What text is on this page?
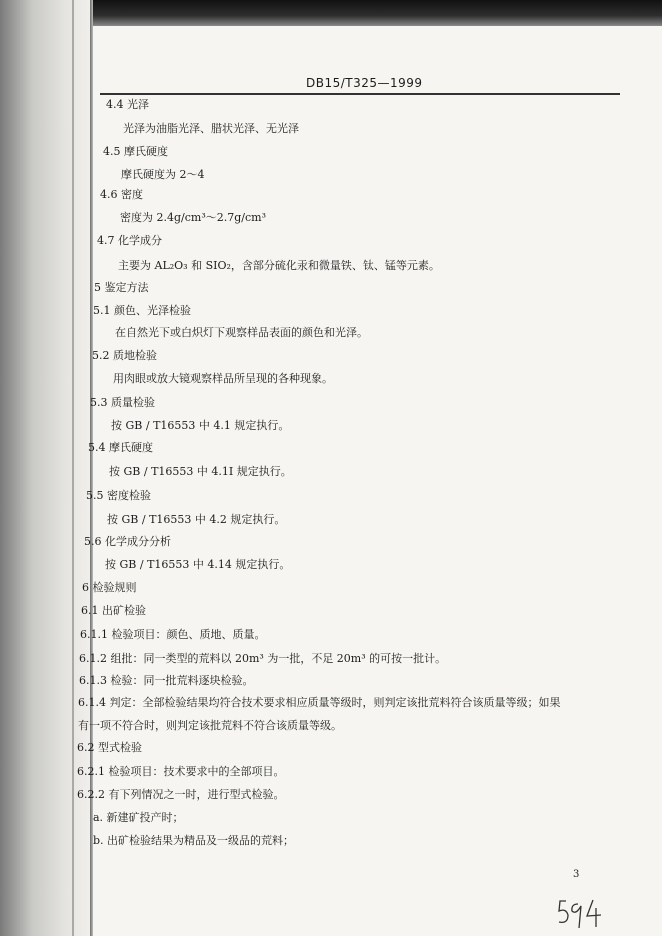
DB15/T325—1999
4.4 光泽
光泽为油脂光泽、腊状光泽、无光泽
4.5 摩氏硬度
摩氏硬度为 2～4
4.6 密度
密度为 2.4g/cm³～2.7g/cm³
4.7 化学成分
主要为 AL₂O₃ 和 SIO₂，含部分硫化汞和微量铁、钛、锰等元素。
5 鉴定方法
5.1 颜色、光泽检验
在自然光下或白炽灯下观察样品表面的颜色和光泽。
5.2 质地检验
用肉眼或放大镜观察样品所呈现的各种现象。
5.3 质量检验
按 GB / T16553 中 4.1 规定执行。
5.4 摩氏硬度
按 GB / T16553 中 4.1I 规定执行。
5.5 密度检验
按 GB / T16553 中 4.2 规定执行。
5.6 化学成分分析
按 GB / T16553 中 4.14 规定执行。
6 检验规则
6.1 出矿检验
6.1.1 检验项目：颜色、质地、质量。
6.1.2 组批：同一类型的荒料以 20m³ 为一批，不足 20m³ 的可按一批计。
6.1.3 检验：同一批荒料逐块检验。
6.1.4 判定：全部检验结果均符合技术要求相应质量等级时，则判定该批荒料符合该质量等级；如果
有一项不符合时，则判定该批荒料不符合该质量等级。
6.2 型式检验
6.2.1 检验项目：技术要求中的全部项目。
6.2.2 有下列情况之一时，进行型式检验。
a. 新建矿投产时；
b. 出矿检验结果为精品及一级品的荒料；
3
